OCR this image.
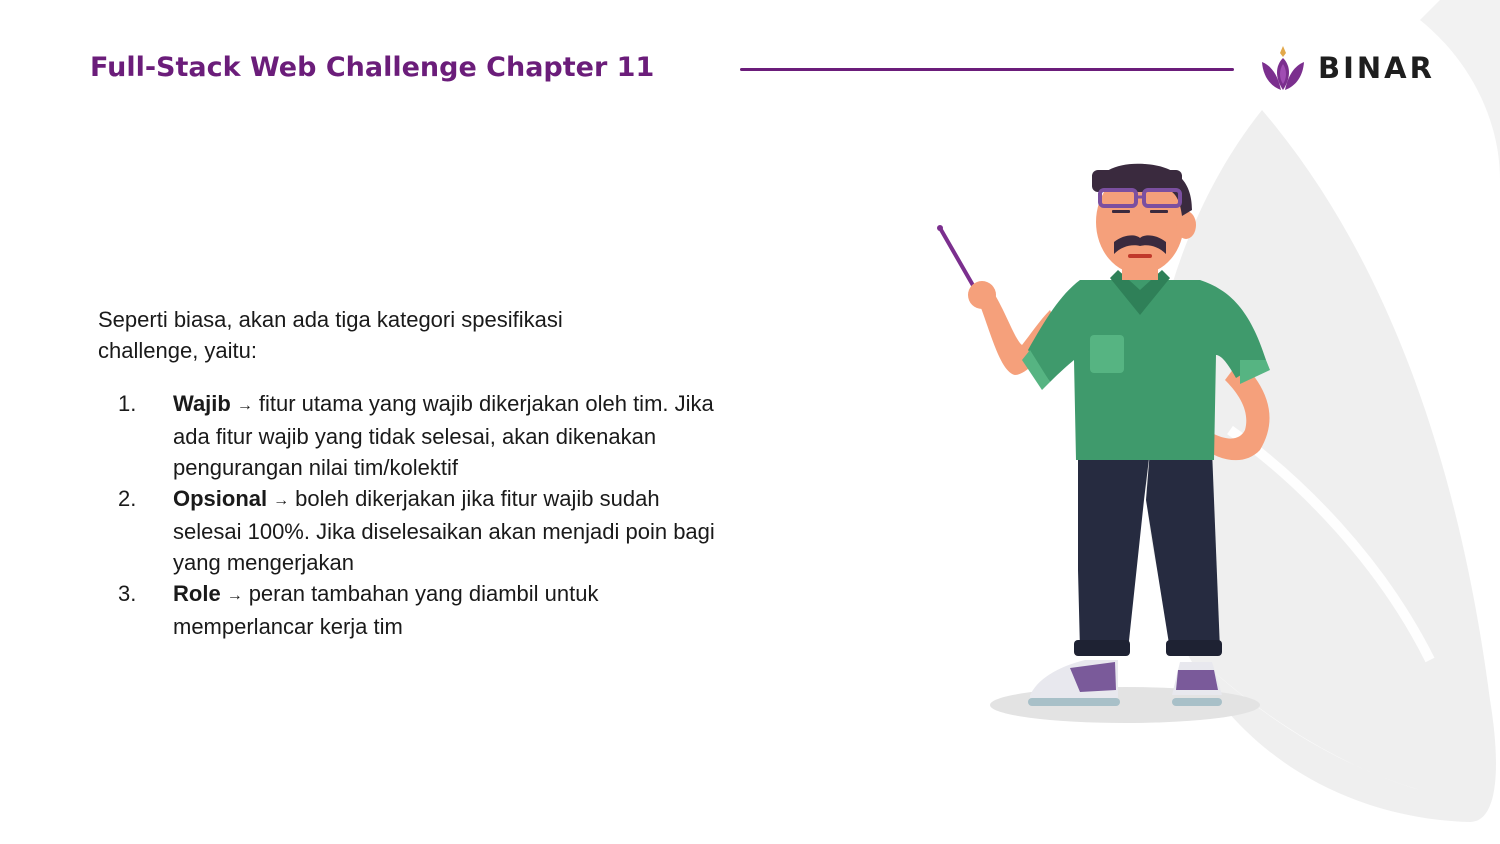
Full-Stack Web Challenge Chapter 11	BINAR

Seperti biasa, akan ada tiga kategori spesifikasi challenge, yaitu:

1.	Wajib → fitur utama yang wajib dikerjakan oleh tim. Jika ada fitur wajib yang tidak selesai, akan dikenakan pengurangan nilai tim/kolektif
2.	Opsional → boleh dikerjakan jika fitur wajib sudah selesai 100%. Jika diselesaikan akan menjadi poin bagi yang mengerjakan
3.	Role → peran tambahan yang diambil untuk memperlancar kerja tim
